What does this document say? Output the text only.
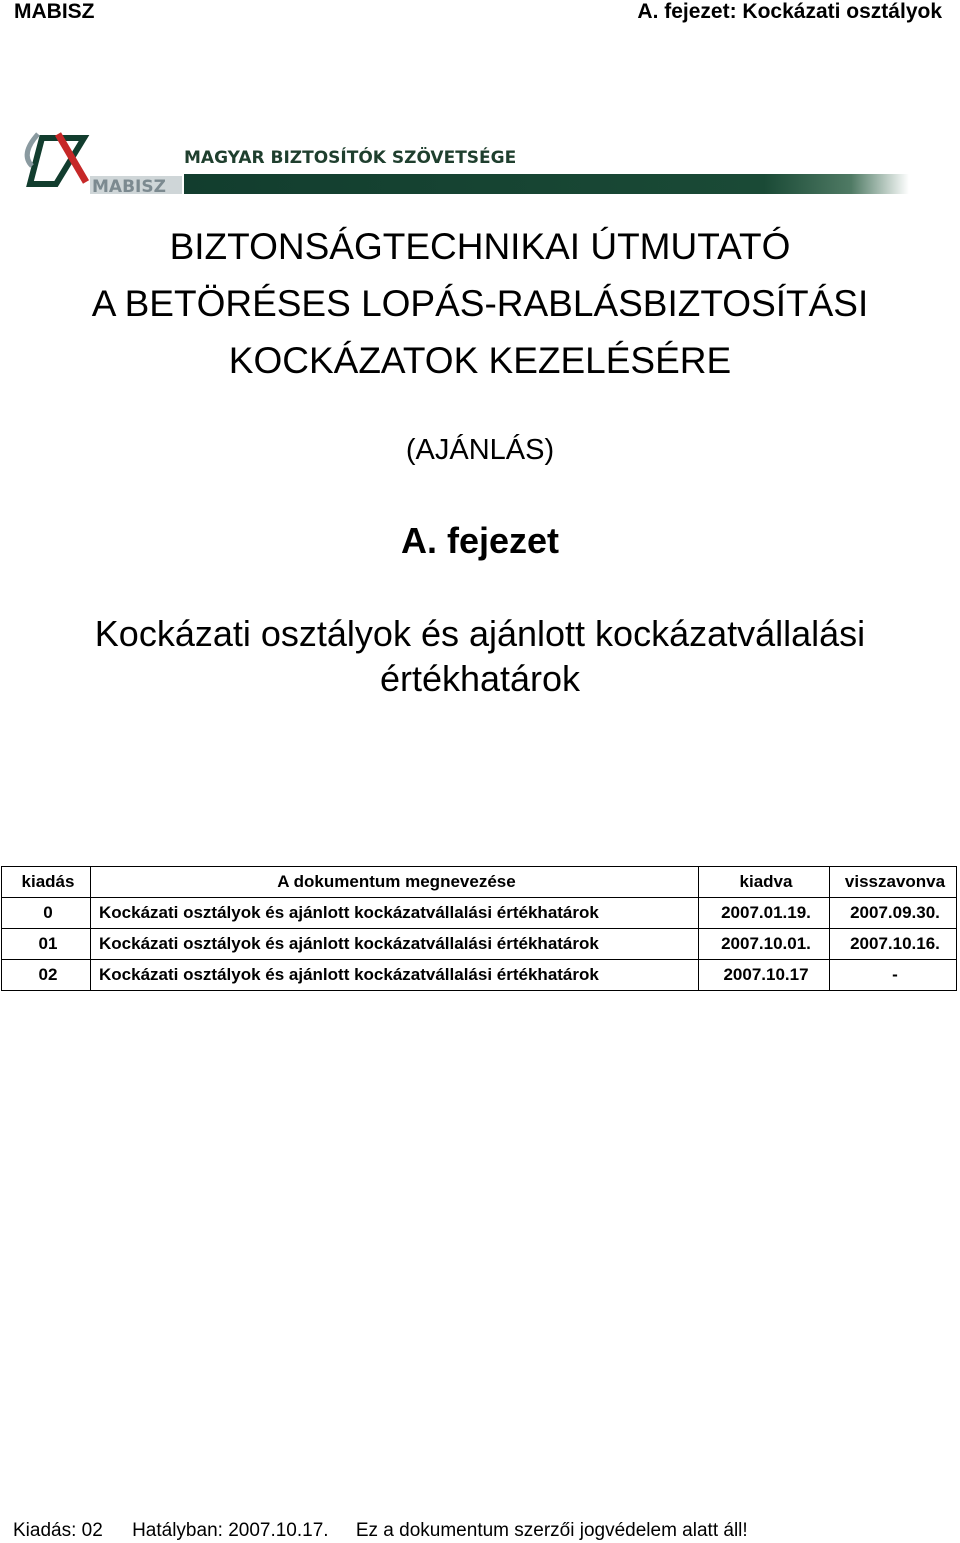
MABISZ	A. fejezet: Kockázati osztályok
MABISZ
MAGYAR BIZTOSÍTÓK SZÖVETSÉGE
BIZTONSÁGTECHNIKAI ÚTMUTATÓ
A BETÖRÉSES LOPÁS-RABLÁSBIZTOSÍTÁSI
KOCKÁZATOK KEZELÉSÉRE
(AJÁNLÁS)
A. fejezet
Kockázati osztályok és ajánlott kockázatvállalási
értékhatárok
kiadás	A dokumentum megnevezése	kiadva	visszavonva
0	Kockázati osztályok és ajánlott kockázatvállalási értékhatárok	2007.01.19.	2007.09.30.
01	Kockázati osztályok és ajánlott kockázatvállalási értékhatárok	2007.10.01.	2007.10.16.
02	Kockázati osztályok és ajánlott kockázatvállalási értékhatárok	2007.10.17	-
Kiadás: 02 Hatályban: 2007.10.17. Ez a dokumentum szerzői jogvédelem alatt áll!
